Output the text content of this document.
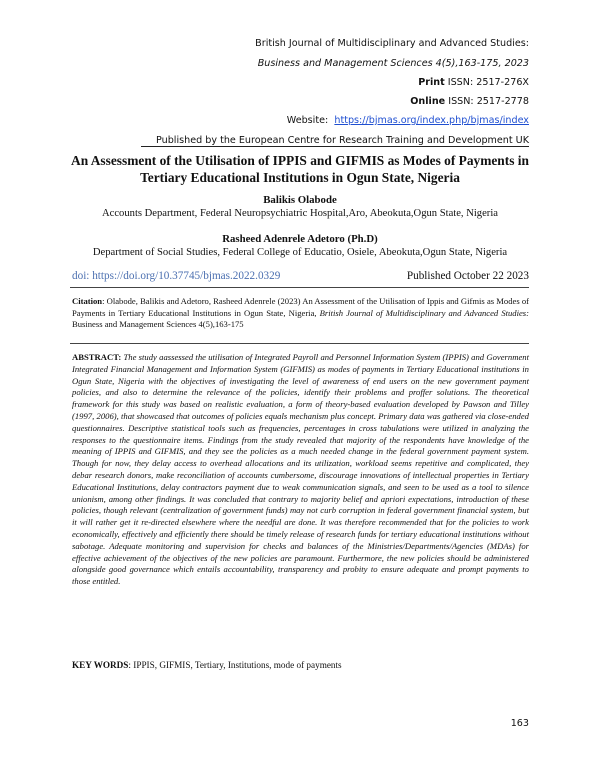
British Journal of Multidisciplinary and Advanced Studies:
Business and Management Sciences 4(5),163-175, 2023
Print ISSN: 2517-276X
Online ISSN: 2517-2778
Website: https://bjmas.org/index.php/bjmas/index
Published by the European Centre for Research Training and Development UK
An Assessment of the Utilisation of IPPIS and GIFMIS as Modes of Payments in Tertiary Educational Institutions in Ogun State, Nigeria
Balikis Olabode
Accounts Department, Federal Neuropsychiatric Hospital,Aro, Abeokuta,Ogun State, Nigeria
Rasheed Adenrele Adetoro (Ph.D)
Department of Social Studies, Federal College of Educatio, Osiele, Abeokuta,Ogun State, Nigeria
doi: https://doi.org/10.37745/bjmas.2022.0329	Published October 22 2023
Citation: Olabode, Balikis and Adetoro, Rasheed Adenrele (2023) An Assessment of the Utilisation of Ippis and Gifmis as Modes of Payments in Tertiary Educational Institutions in Ogun State, Nigeria, British Journal of Multidisciplinary and Advanced Studies: Business and Management Sciences 4(5),163-175
ABSTRACT: The study aassessed the utilisation of Integrated Payroll and Personnel Information System (IPPIS) and Government Integrated Financial Management and Information System (GIFMIS) as modes of payments in Tertiary Educational institutions in Ogun State, Nigeria with the objectives of investigating the level of awareness of end users on the new government payment policies, and also to determine the relevance of the policies, identify their problems and proffer solutions. The theoretical framework for this study was based on realistic evaluation, a form of theory-based evaluation developed by Pawson and Tilley (1997, 2006), that showcased that outcomes of policies equals mechanism plus concept. Primary data was gathered via close-ended questionnaires. Descriptive statistical tools such as frequencies, percentages in cross tabulations were utilized in analyzing the responses to the questionnaire items. Findings from the study revealed that majority of the respondents have knowledge of the meaning of IPPIS and GIFMIS, and they see the policies as a much needed change in the federal government payment system. Though for now, they delay access to overhead allocations and its utilization, workload seems repetitive and complicated, they debar research donors, make reconciliation of accounts cumbersome, discourage innovations of intellectual properties in Tertiary Educational Institutions, delay contractors payment due to weak communication signals, and seen to be used as a tool to silence unionism, among other findings. It was concluded that contrary to majority belief and apriori expectations, introduction of these policies, though relevant (centralization of government funds) may not curb corruption in federal government financial system, but it will rather get it re-directed elsewhere where the needful are done. It was therefore recommended that for the policies to work economically, effectively and efficiently there should be timely release of research funds for tertiary educational institutions without sabotage. Adequate monitoring and supervision for checks and balances of the Ministries/Departments/Agencies (MDAs) for effective achievement of the objectives of the new policies are paramount. Furthermore, the new policies should be administered alongside good governance which entails accountability, transparency and probity to ensure adequate and prompt payments to those entitled.
KEY WORDS: IPPIS, GIFMIS, Tertiary, Institutions, mode of payments
163
